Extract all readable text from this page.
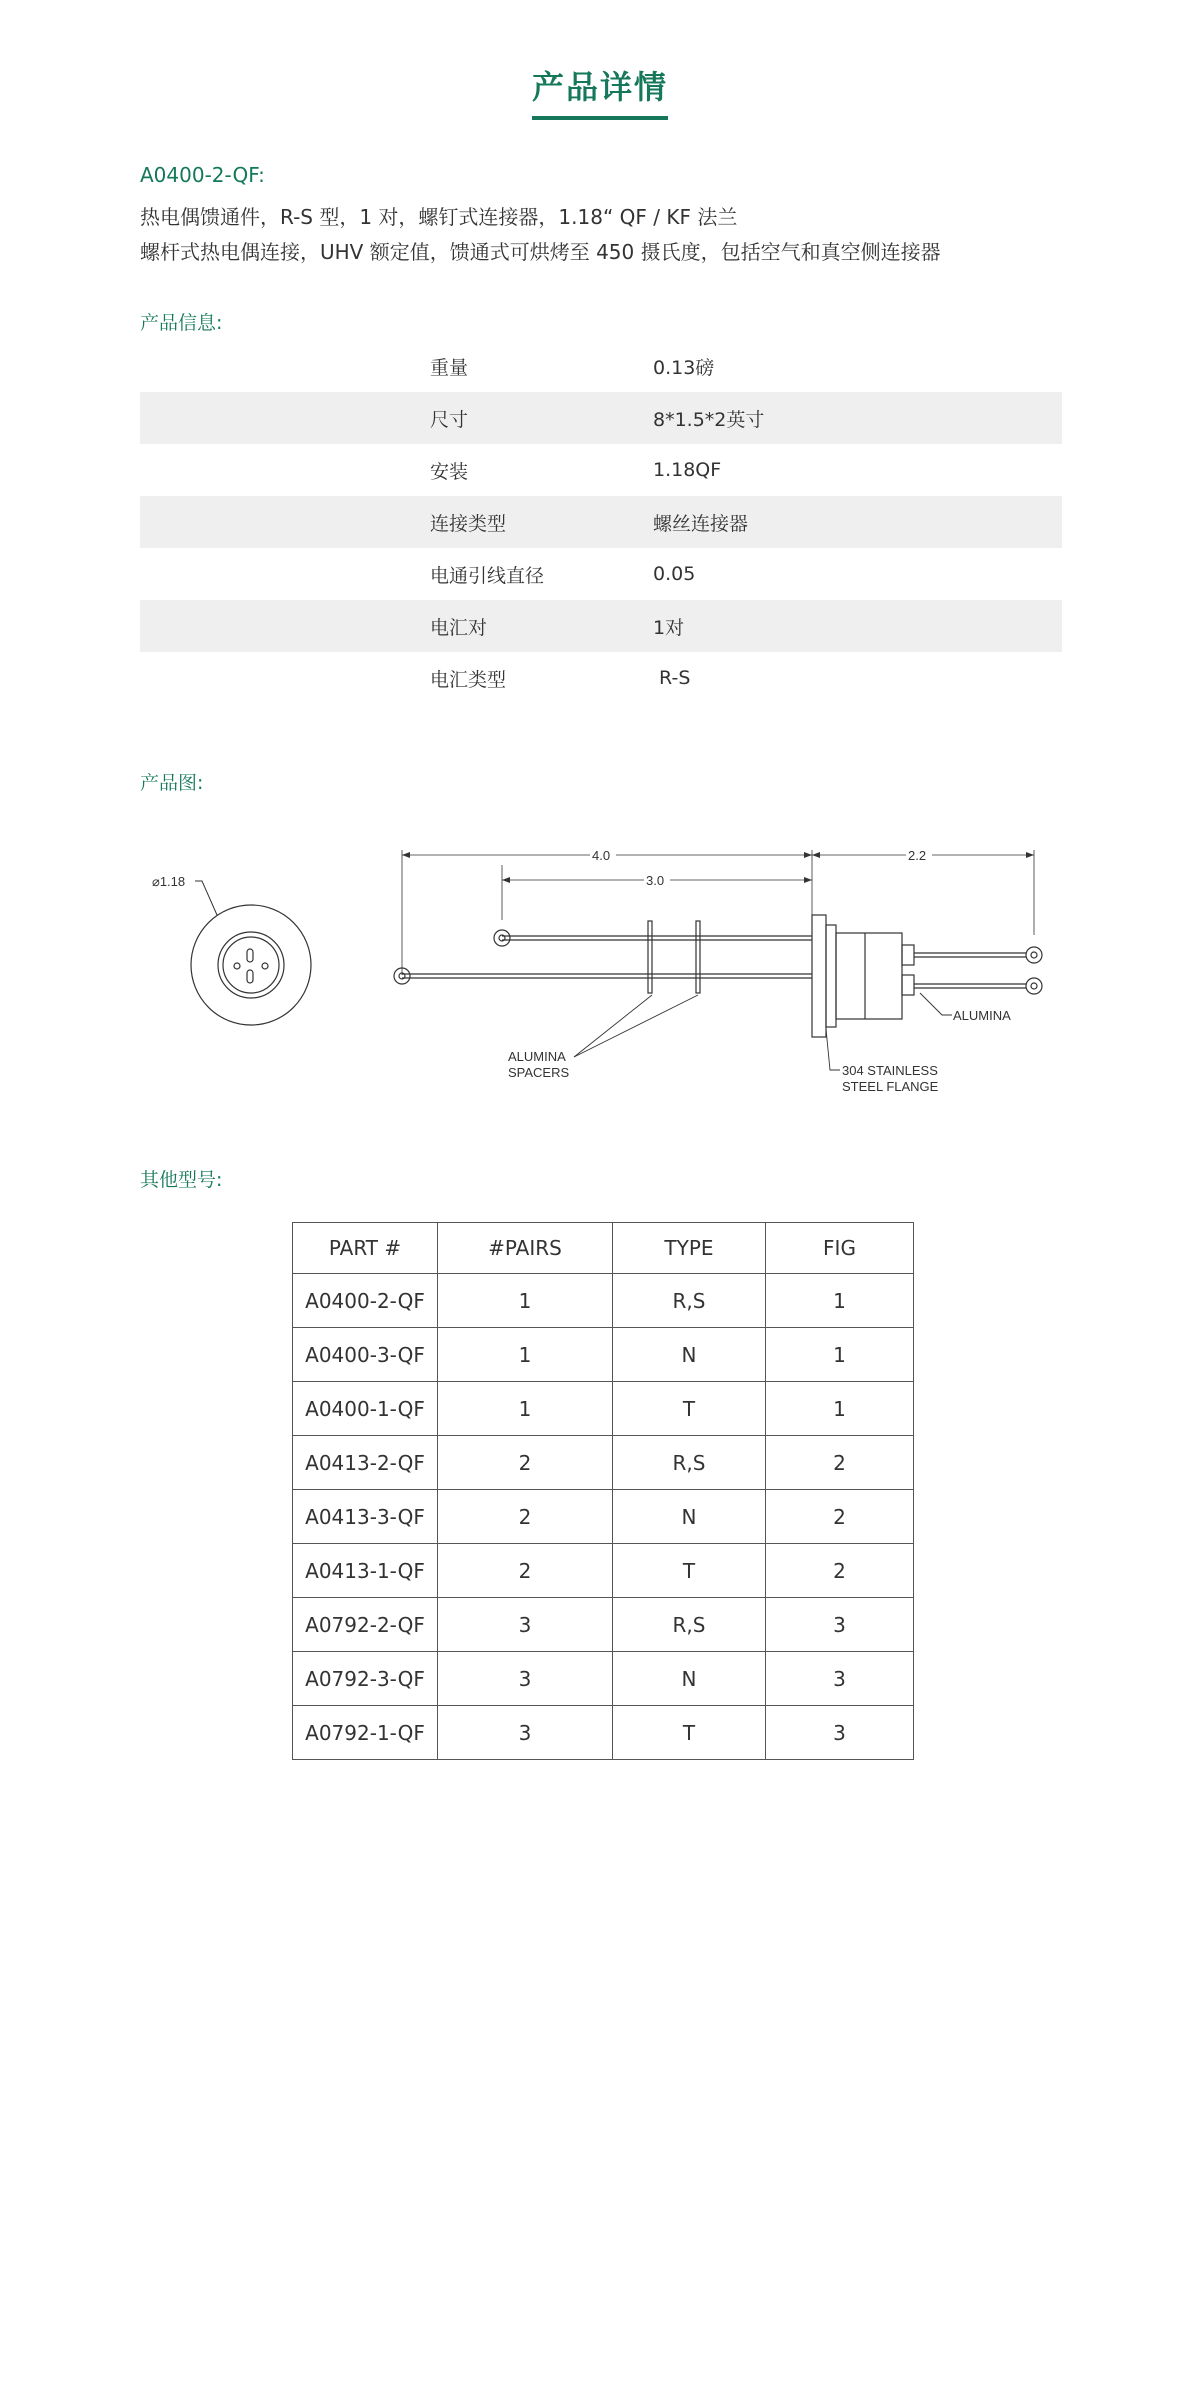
产品详情
A0400-2-QF:
热电偶馈通件，R-S 型，1 对，螺钉式连接器，1.18“ QF / KF 法兰
螺杆式热电偶连接，UHV 额定值，馈通式可烘烤至 450 摄氏度，包括空气和真空侧连接器
产品信息:
重量	0.13磅
尺寸	8*1.5*2英寸
安装	1.18QF
连接类型	螺丝连接器
电通引线直径	0.05
电汇对	1对
电汇类型	R-S
产品图:
⌀1.18
4.0
3.0
2.2
ALUMINA
ALUMINA
SPACERS	304 STAINLESS
STEEL FLANGE
其他型号:
PART #	#PAIRS	TYPE	FIG
A0400-2-QF	1	R,S	1
A0400-3-QF	1	N	1
A0400-1-QF	1	T	1
A0413-2-QF	2	R,S	2
A0413-3-QF	2	N	2
A0413-1-QF	2	T	2
A0792-2-QF	3	R,S	3
A0792-3-QF	3	N	3
A0792-1-QF	3	T	3
